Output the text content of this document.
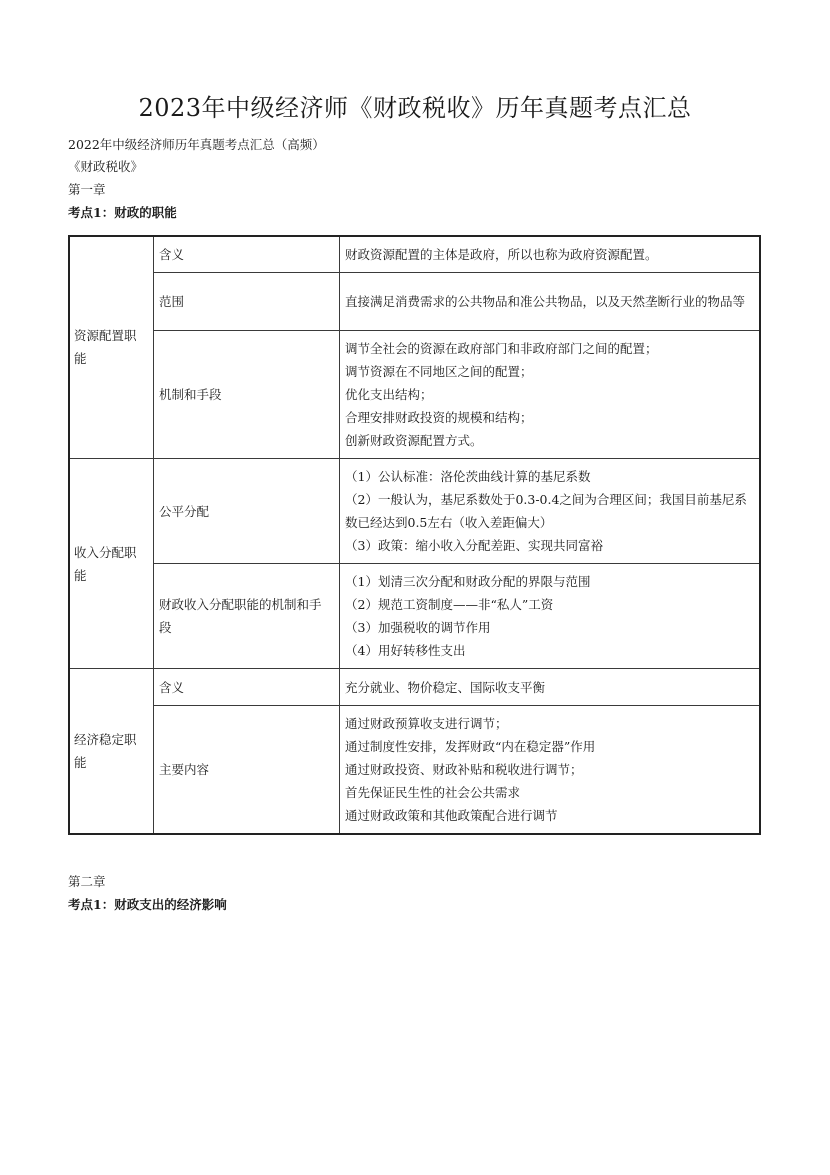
2023年中级经济师《财政税收》历年真题考点汇总
2022年中级经济师历年真题考点汇总（高频）
《财政税收》
第一章
考点1：财政的职能
资源配置职能	含义	财政资源配置的主体是政府，所以也称为政府资源配置。

	范围	直接满足消费需求的公共物品和准公共物品，以及天然垄断行业的物品等

	机制和手段	调节全社会的资源在政府部门和非政府部门之间的配置；
调节资源在不同地区之间的配置；
优化支出结构；
合理安排财政投资的规模和结构；
创新财政资源配置方式。

收入分配职能	公平分配	（1）公认标准：洛伦茨曲线计算的基尼系数
（2）一般认为，基尼系数处于0.3-0.4之间为合理区间；我国目前基尼系数已经达到0.5左右（收入差距偏大）
（3）政策：缩小收入分配差距、实现共同富裕

	财政收入分配职能的机制和手段	（1）划清三次分配和财政分配的界限与范围
（2）规范工资制度——非“私人”工资
（3）加强税收的调节作用
（4）用好转移性支出

经济稳定职能	含义	充分就业、物价稳定、国际收支平衡

	主要内容	通过财政预算收支进行调节；
通过制度性安排，发挥财政“内在稳定器”作用
通过财政投资、财政补贴和税收进行调节；
首先保证民生性的社会公共需求
通过财政政策和其他政策配合进行调节
第二章
考点1：财政支出的经济影响
